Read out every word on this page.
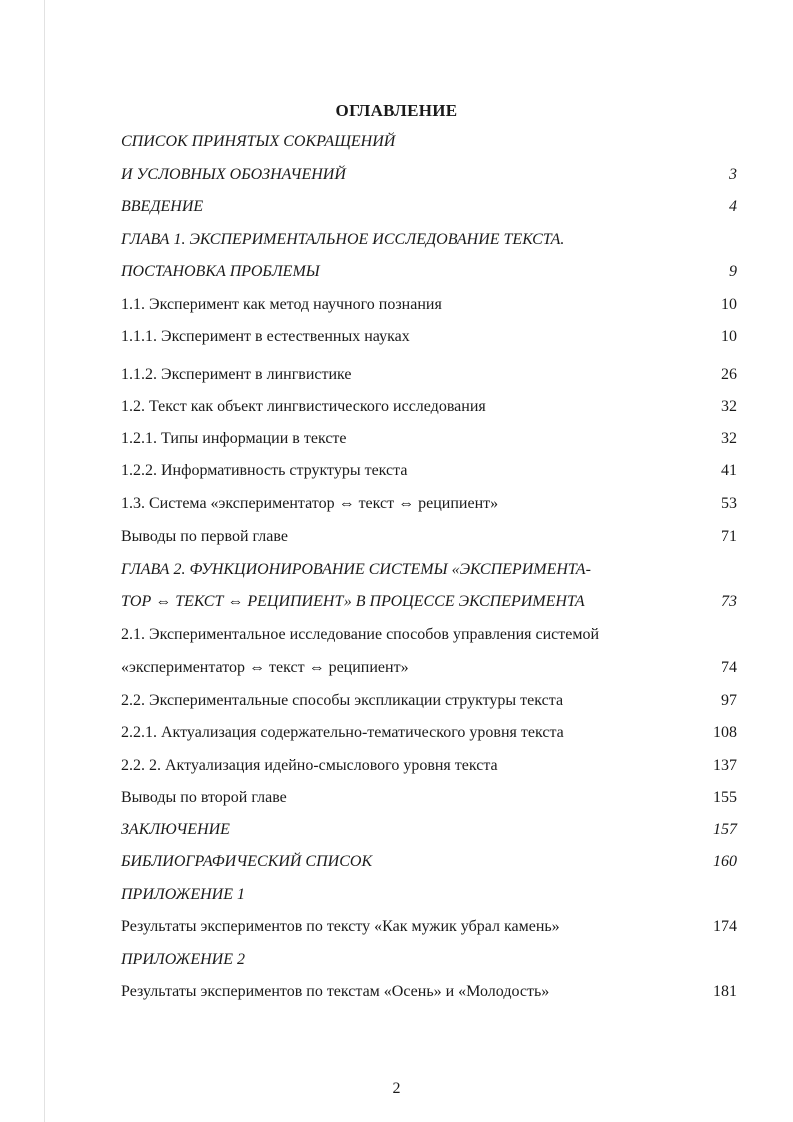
ОГЛАВЛЕНИЕ
СПИСОК ПРИНЯТЫХ СОКРАЩЕНИЙ
И УСЛОВНЫХ ОБОЗНАЧЕНИЙ	3
ВВЕДЕНИЕ	4
ГЛАВА 1. ЭКСПЕРИМЕНТАЛЬНОЕ ИССЛЕДОВАНИЕ ТЕКСТА.
ПОСТАНОВКА ПРОБЛЕМЫ	9
1.1. Эксперимент как метод научного познания	10
1.1.1. Эксперимент в естественных науках	10
1.1.2. Эксперимент в лингвистике	26
1.2. Текст как объект лингвистического исследования	32
1.2.1. Типы информации в тексте	32
1.2.2. Информативность структуры текста	41
1.3. Система «экспериментатор ⇔ текст ⇔ реципиент»	53
Выводы по первой главе	71
ГЛАВА 2. ФУНКЦИОНИРОВАНИЕ СИСТЕМЫ «ЭКСПЕРИМЕНТА-
ТОР ⇔ ТЕКСТ ⇔ РЕЦИПИЕНТ» В ПРОЦЕССЕ ЭКСПЕРИМЕНТА	73
2.1. Экспериментальное исследование способов управления системой
«экспериментатор ⇔ текст ⇔ реципиент»	74
2.2. Экспериментальные способы экспликации структуры текста	97
2.2.1. Актуализация содержательно-тематического уровня текста	108
2.2. 2. Актуализация идейно-смыслового уровня текста	137
Выводы по второй главе	155
ЗАКЛЮЧЕНИЕ	157
БИБЛИОГРАФИЧЕСКИЙ СПИСОК	160
ПРИЛОЖЕНИЕ 1
Результаты экспериментов по тексту «Как мужик убрал камень»	174
ПРИЛОЖЕНИЕ 2
Результаты экспериментов по текстам «Осень» и «Молодость»	181
2
